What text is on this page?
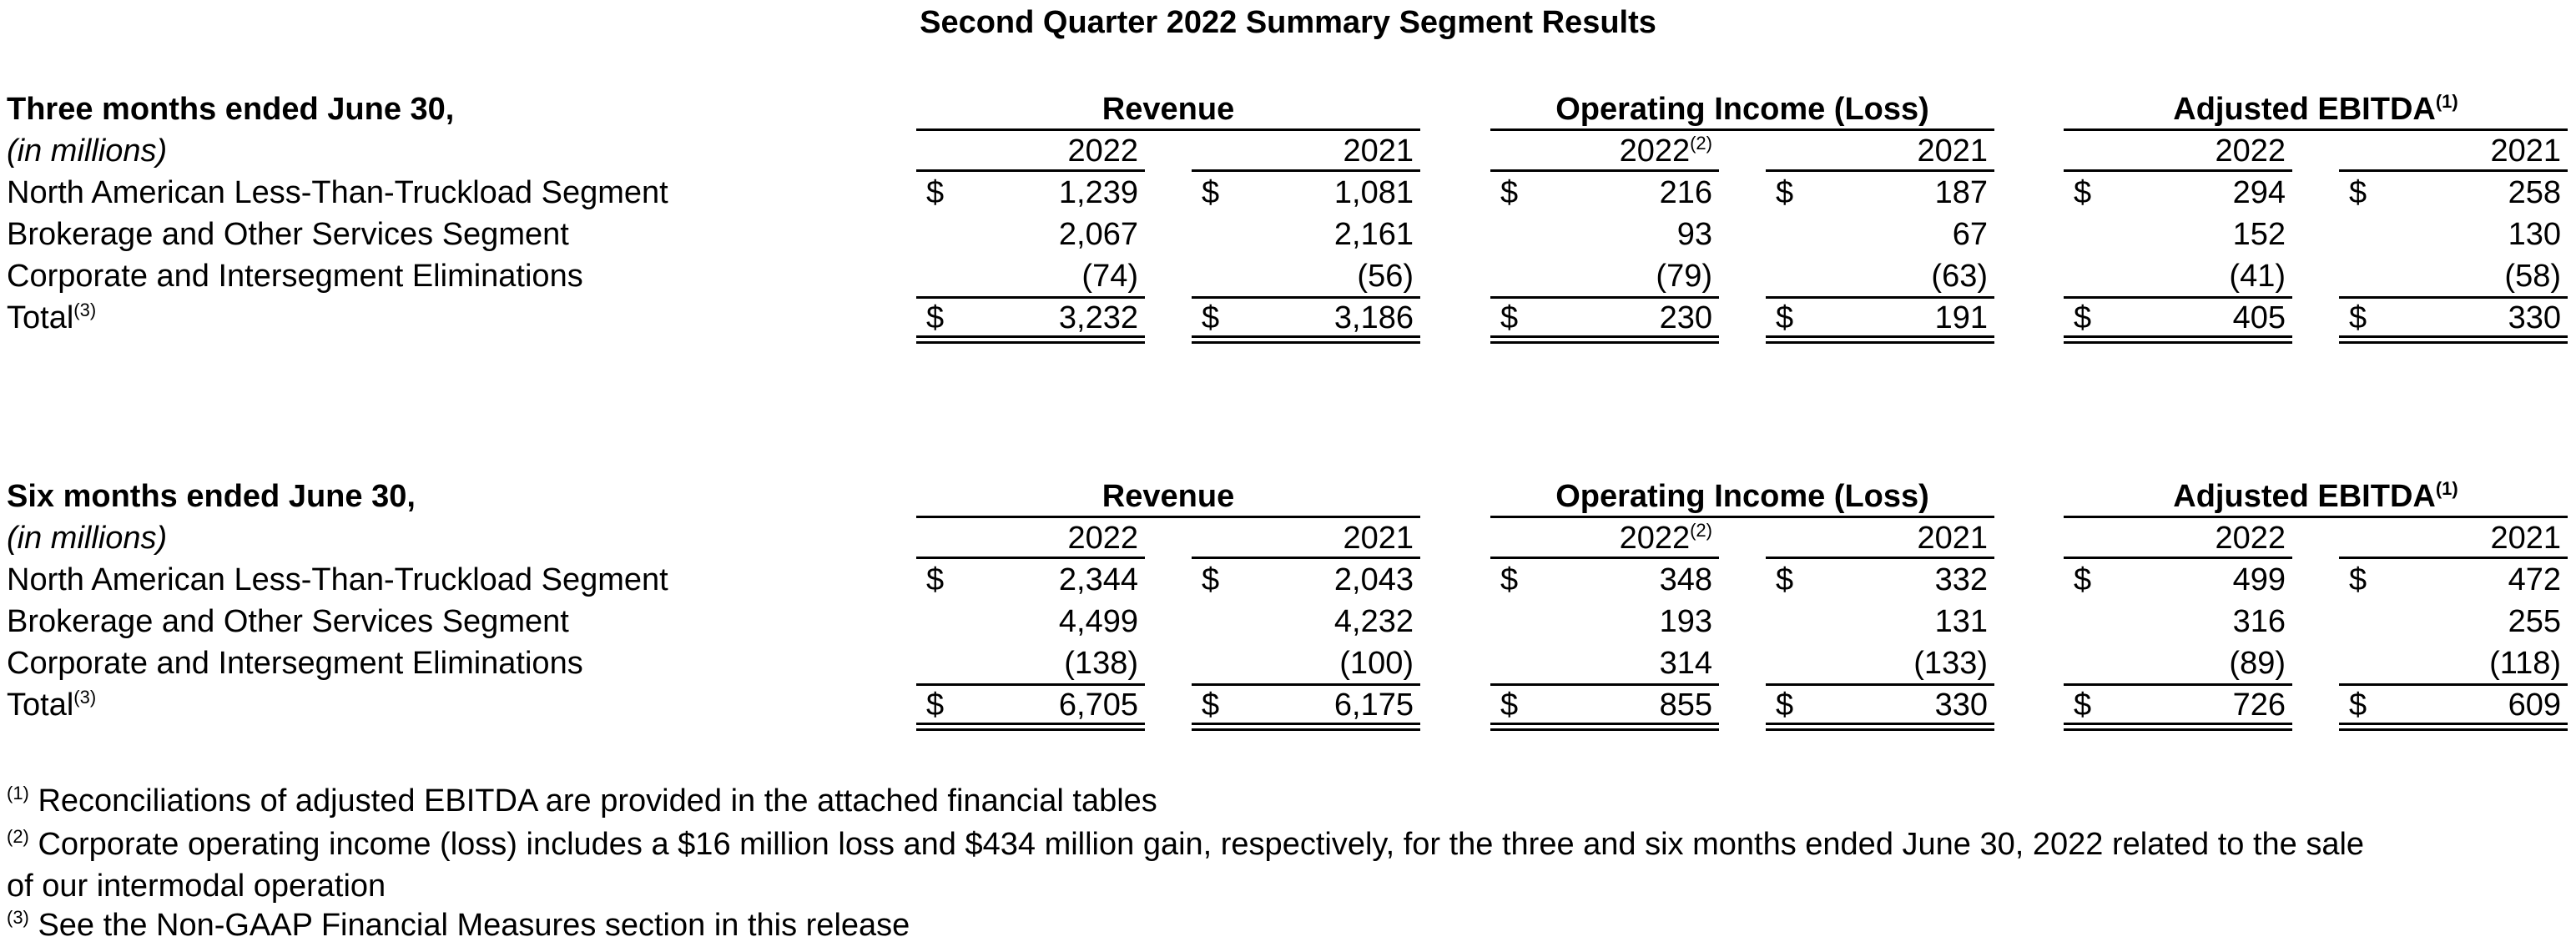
Second Quarter 2022 Summary Segment Results
Three months ended June 30,	Revenue	Operating Income (Loss)	Adjusted EBITDA$^{(1)}$
(in millions)	2022	2021	2022$^{(2)}$	2021	2022	2021
North American Less-Than-Truckload Segment	$	1,239 $	1,081	$	216 $	187	$	294 $	258
Brokerage and Other Services Segment	2,067	2,161	93	67	152	130
Corporate and Intersegment Eliminations	(74)	(56)	(79)	(63)	(41)	(58)
Total$^{(3)}$	$	3,232 $	3,186	$	230 $	191	$	405 $	330
Six months ended June 30,	Revenue	Operating Income (Loss)	Adjusted EBITDA$^{(1)}$
(in millions)	2022	2021	2022$^{(2)}$	2021	2022	2021
North American Less-Than-Truckload Segment	$	2,344 $	2,043	$	348 $	332	$	499 $	472
Brokerage and Other Services Segment	4,499	4,232	193	131	316	255
Corporate and Intersegment Eliminations	(138)	(100)	314	(133)	(89)	(118)
Total$^{(3)}$	$	6,705 $	6,175	$	855 $	330	$	726 $	609
$^{(1)}$ Reconciliations of adjusted EBITDA are provided in the attached financial tables
$^{(2)}$ Corporate operating income (loss) includes a $16 million loss and $434 million gain, respectively, for the three and six months ended June 30, 2022 related to the sale
of our intermodal operation
$^{(3)}$ See the Non-GAAP Financial Measures section in this release
